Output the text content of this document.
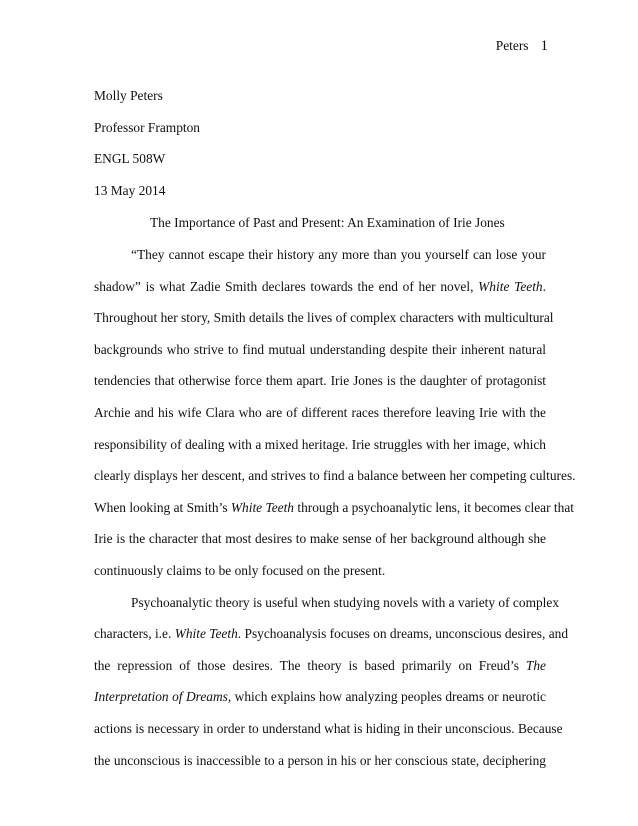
Peters 1
Molly Peters
Professor Frampton
ENGL 508W
13 May 2014
The Importance of Past and Present: An Examination of Irie Jones
“They cannot escape their history any more than you yourself can lose your
shadow” is what Zadie Smith declares towards the end of her novel, White Teeth.
Throughout her story, Smith details the lives of complex characters with multicultural
backgrounds who strive to find mutual understanding despite their inherent natural
tendencies that otherwise force them apart. Irie Jones is the daughter of protagonist
Archie and his wife Clara who are of different races therefore leaving Irie with the
responsibility of dealing with a mixed heritage. Irie struggles with her image, which
clearly displays her descent, and strives to find a balance between her competing cultures.
When looking at Smith’s White Teeth through a psychoanalytic lens, it becomes clear that
Irie is the character that most desires to make sense of her background although she
continuously claims to be only focused on the present.
Psychoanalytic theory is useful when studying novels with a variety of complex
characters, i.e. White Teeth. Psychoanalysis focuses on dreams, unconscious desires, and
the repression of those desires. The theory is based primarily on Freud’s The
Interpretation of Dreams, which explains how analyzing peoples dreams or neurotic
actions is necessary in order to understand what is hiding in their unconscious. Because
the unconscious is inaccessible to a person in his or her conscious state, deciphering
